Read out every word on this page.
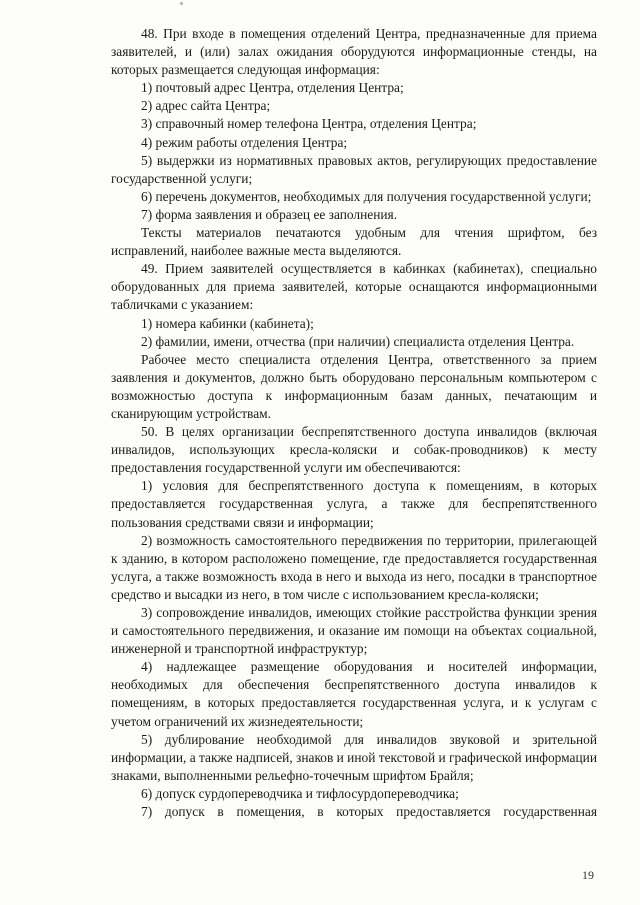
48. При входе в помещения отделений Центра, предназначенные для приема заявителей, и (или) залах ожидания оборудуются информационные стенды, на которых размещается следующая информация:

1) почтовый адрес Центра, отделения Центра;

2) адрес сайта Центра;

3) справочный номер телефона Центра, отделения Центра;

4) режим работы отделения Центра;

5) выдержки из нормативных правовых актов, регулирующих предоставление государственной услуги;

6) перечень документов, необходимых для получения государственной услуги;

7) форма заявления и образец ее заполнения.

Тексты материалов печатаются удобным для чтения шрифтом, без исправлений, наиболее важные места выделяются.

49. Прием заявителей осуществляется в кабинках (кабинетах), специально оборудованных для приема заявителей, которые оснащаются информационными табличками с указанием:

1) номера кабинки (кабинета);

2) фамилии, имени, отчества (при наличии) специалиста отделения Центра.

Рабочее место специалиста отделения Центра, ответственного за прием заявления и документов, должно быть оборудовано персональным компьютером с возможностью доступа к информационным базам данных, печатающим и сканирующим устройствам.

50. В целях организации беспрепятственного доступа инвалидов (включая инвалидов, использующих кресла-коляски и собак-проводников) к месту предоставления государственной услуги им обеспечиваются:

1) условия для беспрепятственного доступа к помещениям, в которых предоставляется государственная услуга, а также для беспрепятственного пользования средствами связи и информации;

2) возможность самостоятельного передвижения по территории, прилегающей к зданию, в котором расположено помещение, где предоставляется государственная услуга, а также возможность входа в него и выхода из него, посадки в транспортное средство и высадки из него, в том числе с использованием кресла-коляски;

3) сопровождение инвалидов, имеющих стойкие расстройства функции зрения и самостоятельного передвижения, и оказание им помощи на объектах социальной, инженерной и транспортной инфраструктур;

4) надлежащее размещение оборудования и носителей информации, необходимых для обеспечения беспрепятственного доступа инвалидов к помещениям, в которых предоставляется государственная услуга, и к услугам с учетом ограничений их жизнедеятельности;

5) дублирование необходимой для инвалидов звуковой и зрительной информации, а также надписей, знаков и иной текстовой и графической информации знаками, выполненными рельефно-точечным шрифтом Брайля;

6) допуск сурдопереводчика и тифлосурдопереводчика;

7) допуск в помещения, в которых предоставляется государственная

19
